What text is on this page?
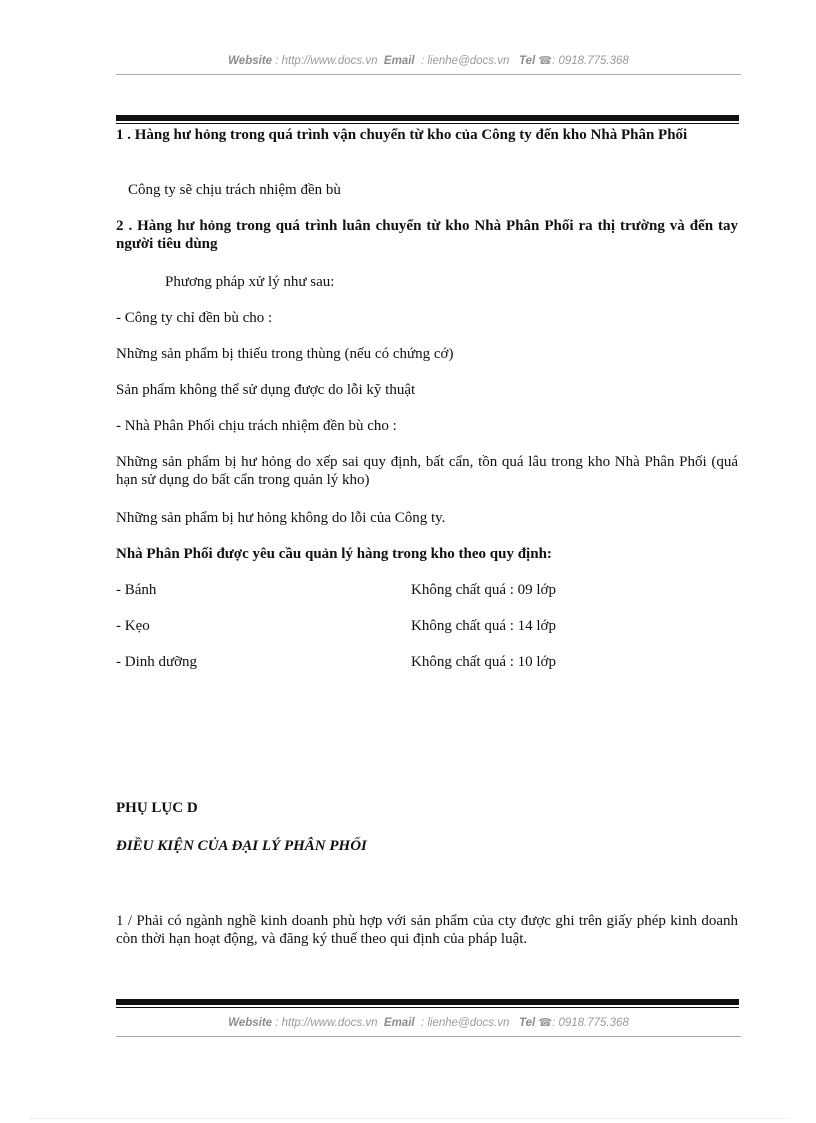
Website : http://www.docs.vn Email : lienhe@docs.vn Tel ☎: 0918.775.368
1 . Hàng hư hỏng trong quá trình vận chuyển từ kho của Công ty đến kho Nhà Phân Phối
Công ty sẽ chịu trách nhiệm đền bù
2 . Hàng hư hỏng trong quá trình luân chuyển từ kho Nhà Phân Phối ra thị trường và đến tay người tiêu dùng
Phương pháp xử lý như sau:
- Công ty chỉ đền bù cho :
Những sản phẩm bị thiếu trong thùng (nếu có chứng cớ)
Sản phẩm không thể sử dụng được do lỗi kỹ thuật
- Nhà Phân Phối chịu trách nhiệm đền bù cho :
Những sản phẩm bị hư hỏng do xếp sai quy định, bất cẩn, tồn quá lâu trong kho Nhà Phân Phối (quá hạn sử dụng do bất cẩn trong quản lý kho)
Những sản phẩm bị hư hỏng không do lỗi của Công ty.
Nhà Phân Phối được yêu cầu quản lý hàng trong kho theo quy định:
- Bánh	Không chất quá : 09 lớp
- Kẹo	Không chất quá : 14 lớp
- Dinh dưỡng	Không chất quá : 10 lớp
PHỤ LỤC D
ĐIỀU KIỆN CỦA ĐẠI LÝ PHÂN PHỐI
1 / Phải có ngành nghề kinh doanh phù hợp với sản phẩm của cty được ghi trên giấy phép kinh doanh còn thời hạn hoạt động, và đăng ký thuế theo qui định của pháp luật.
Website : http://www.docs.vn Email : lienhe@docs.vn Tel ☎: 0918.775.368
